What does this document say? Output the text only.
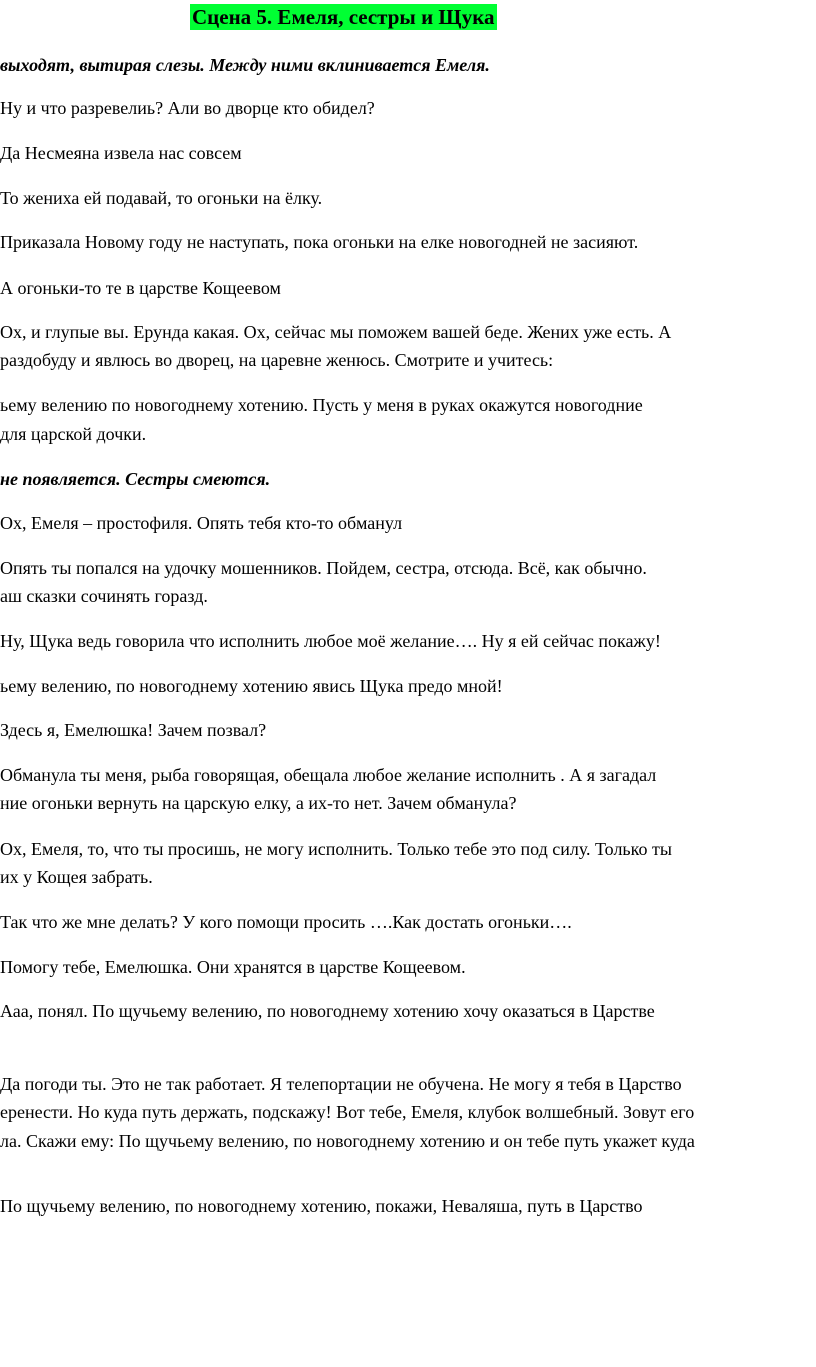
Сцена 5. Емеля, сестры и Щука
выходят, вытирая слезы. Между ними вклинивается Емеля.
Ну и что разревелиь? Али во дворце кто обидел?
Да Несмеяна извела нас совсем
То жениха ей подавай, то огоньки на ёлку.
Приказала Новому году не наступать, пока огоньки на елке новогодней не засияют.
А огоньки-то те в царстве Кощеевом
Ох, и глупые вы. Ерунда какая. Ох, сейчас мы поможем вашей беде. Жених уже есть. А
раздобуду и явлюсь во дворец, на царевне женюсь. Смотрите и учитесь:
ьему велению по новогоднему хотению. Пусть у меня в руках окажутся новогодние
для царской дочки.
не появляется. Сестры смеются.
Ох, Емеля – простофиля. Опять тебя кто-то обманул
Опять ты попался на удочку мошенников. Пойдем, сестра, отсюда. Всё, как обычно.
аш сказки сочинять горазд.
Ну, Щука ведь говорила что исполнить любое моё желание…. Ну я ей сейчас покажу!
ьему велению, по новогоднему хотению явись Щука предо мной!
Здесь я, Емелюшка! Зачем позвал?
Обманула ты меня, рыба говорящая, обещала любое желание исполнить . А я загадал
ние огоньки вернуть на царскую елку, а их-то нет. Зачем обманула?
Ох, Емеля, то, что ты просишь, не могу исполнить. Только тебе это под силу. Только ты
их у Кощея забрать.
Так что же мне делать? У кого помощи просить ….Как достать огоньки….
Помогу тебе, Емелюшка. Они хранятся в царстве Кощеевом.
Ааа, понял. По щучьему велению, по новогоднему хотению хочу оказаться в Царстве
Да погоди ты. Это не так работает. Я телепортации не обучена. Не могу я тебя в Царство
еренести. Но куда путь держать, подскажу! Вот тебе, Емеля, клубок волшебный. Зовут его
ла. Скажи ему: По щучьему велению, по новогоднему хотению и он тебе путь укажет куда
По щучьему велению, по новогоднему хотению, покажи, Неваляша, путь в Царство
